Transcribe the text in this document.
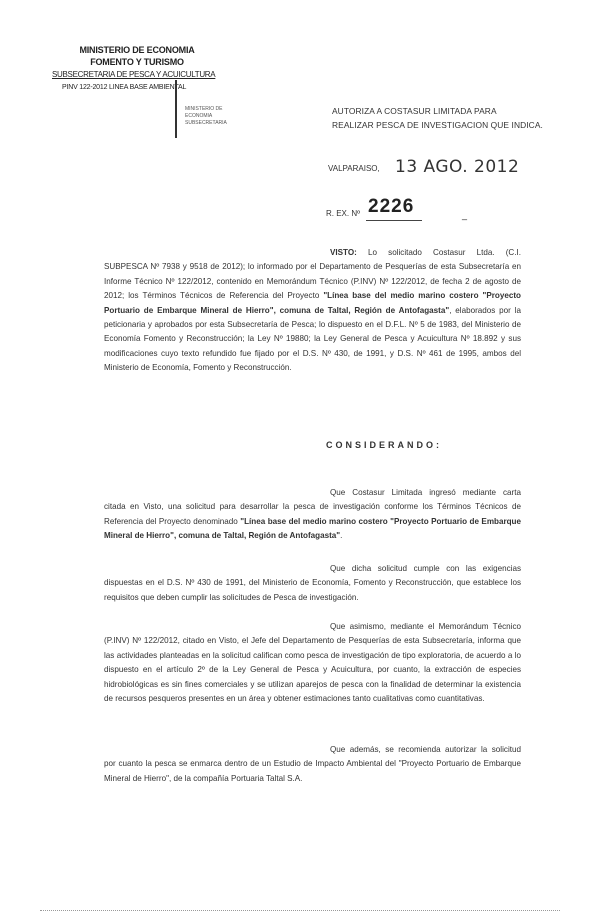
MINISTERIO DE ECONOMIA
FOMENTO Y TURISMO
SUBSECRETARIA DE PESCA Y ACUICULTURA
PINV 122-2012 LINEA BASE AMBIENTAL
MINISTERIO DE
ECONOMIA
SUBSECRETARIA
AUTORIZA A COSTASUR LIMITADA PARA
REALIZAR PESCA DE INVESTIGACION QUE INDICA.
VALPARAISO, 13 AGO. 2012
R. EX. Nº 2226	_
VISTO: Lo solicitado Costasur Ltda. (C.I. SUBPESCA Nº 7938 y 9518 de 2012); lo informado por el Departamento de Pesquerías de esta Subsecretaría en Informe Técnico Nº 122/2012, contenido en Memorándum Técnico (P.INV) Nº 122/2012, de fecha 2 de agosto de 2012; los Términos Técnicos de Referencia del Proyecto "Línea base del medio marino costero "Proyecto Portuario de Embarque Mineral de Hierro", comuna de Taltal, Región de Antofagasta", elaborados por la peticionaria y aprobados por esta Subsecretaría de Pesca; lo dispuesto en el D.F.L. Nº 5 de 1983, del Ministerio de Economía Fomento y Reconstrucción; la Ley Nº 19880; la Ley General de Pesca y Acuicultura Nº 18.892 y sus modificaciones cuyo texto refundido fue fijado por el D.S. Nº 430, de 1991, y D.S. Nº 461 de 1995, ambos del Ministerio de Economía, Fomento y Reconstrucción.
CONSIDERANDO:
Que Costasur Limitada ingresó mediante carta citada en Visto, una solicitud para desarrollar la pesca de investigación conforme los Términos Técnicos de Referencia del Proyecto denominado "Línea base del medio marino costero "Proyecto Portuario de Embarque Mineral de Hierro", comuna de Taltal, Región de Antofagasta".
Que dicha solicitud cumple con las exigencias dispuestas en el D.S. Nº 430 de 1991, del Ministerio de Economía, Fomento y Reconstrucción, que establece los requisitos que deben cumplir las solicitudes de Pesca de investigación.
Que asimismo, mediante el Memorándum Técnico (P.INV) Nº 122/2012, citado en Visto, el Jefe del Departamento de Pesquerías de esta Subsecretaría, informa que las actividades planteadas en la solicitud califican como pesca de investigación de tipo exploratoria, de acuerdo a lo dispuesto en el artículo 2º de la Ley General de Pesca y Acuicultura, por cuanto, la extracción de especies hidrobiológicas es sin fines comerciales y se utilizan aparejos de pesca con la finalidad de determinar la existencia de recursos pesqueros presentes en un área y obtener estimaciones tanto cualitativas como cuantitativas.
Que además, se recomienda autorizar la solicitud por cuanto la pesca se enmarca dentro de un Estudio de Impacto Ambiental del "Proyecto Portuario de Embarque Mineral de Hierro", de la compañía Portuaria Taltal S.A.
